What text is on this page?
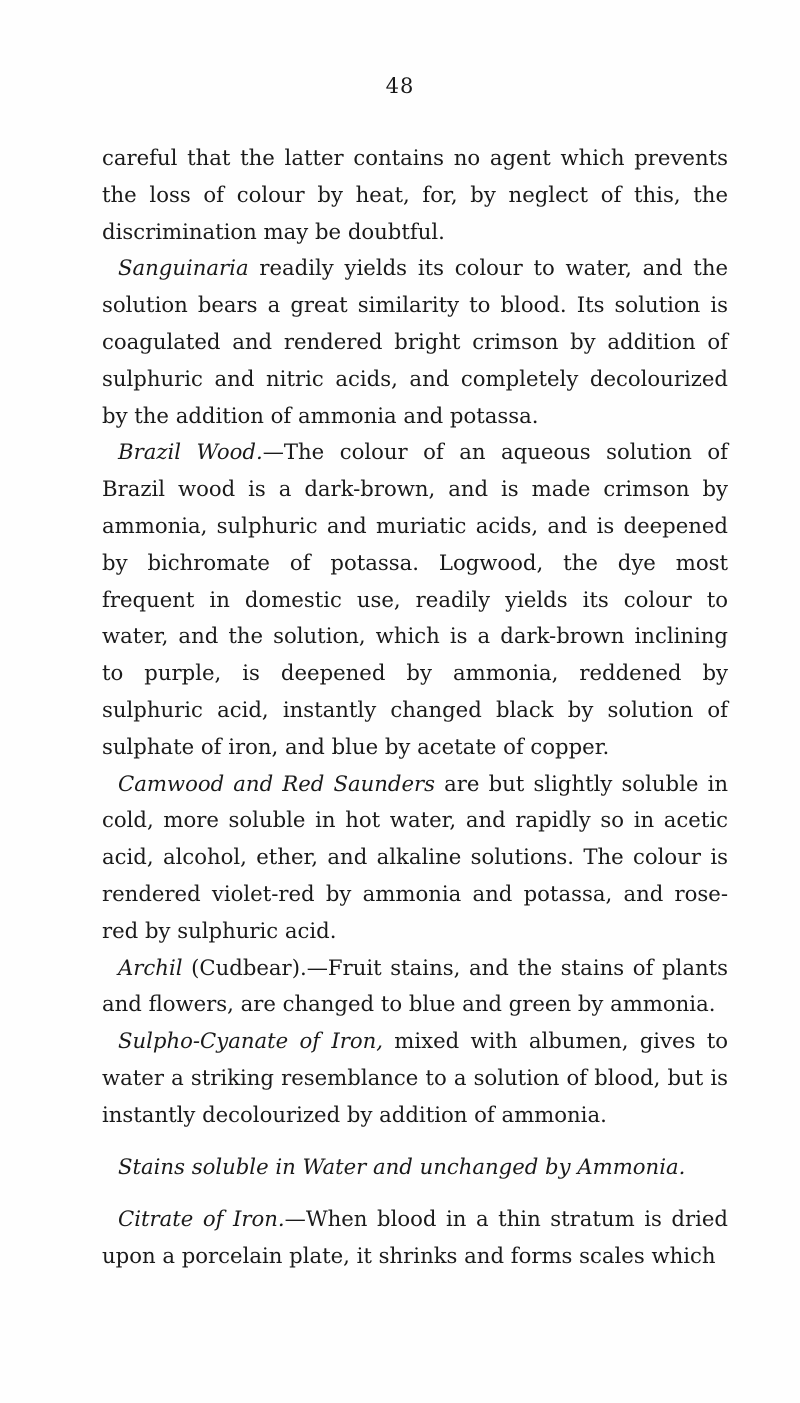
48

careful that the latter contains no agent which prevents the loss of colour by heat, for, by neglect of this, the discrimination may be doubtful.

Sanguinaria readily yields its colour to water, and the solution bears a great similarity to blood. Its solution is coagulated and rendered bright crimson by addition of sulphuric and nitric acids, and completely decolourized by the addition of ammonia and potassa.

Brazil Wood.—The colour of an aqueous solution of Brazil wood is a dark-brown, and is made crimson by ammonia, sulphuric and muriatic acids, and is deepened by bichromate of potassa. Logwood, the dye most frequent in domestic use, readily yields its colour to water, and the solution, which is a dark-brown inclining to purple, is deepened by ammonia, reddened by sulphuric acid, instantly changed black by solution of sulphate of iron, and blue by acetate of copper.

Camwood and Red Saunders are but slightly soluble in cold, more soluble in hot water, and rapidly so in acetic acid, alcohol, ether, and alkaline solutions. The colour is rendered violet-red by ammonia and potassa, and rose-red by sulphuric acid.

Archil (Cudbear).—Fruit stains, and the stains of plants and flowers, are changed to blue and green by ammonia.

Sulpho-Cyanate of Iron, mixed with albumen, gives to water a striking resemblance to a solution of blood, but is instantly decolourized by addition of ammonia.

Stains soluble in Water and unchanged by Ammonia.

Citrate of Iron.—When blood in a thin stratum is dried upon a porcelain plate, it shrinks and forms scales which
